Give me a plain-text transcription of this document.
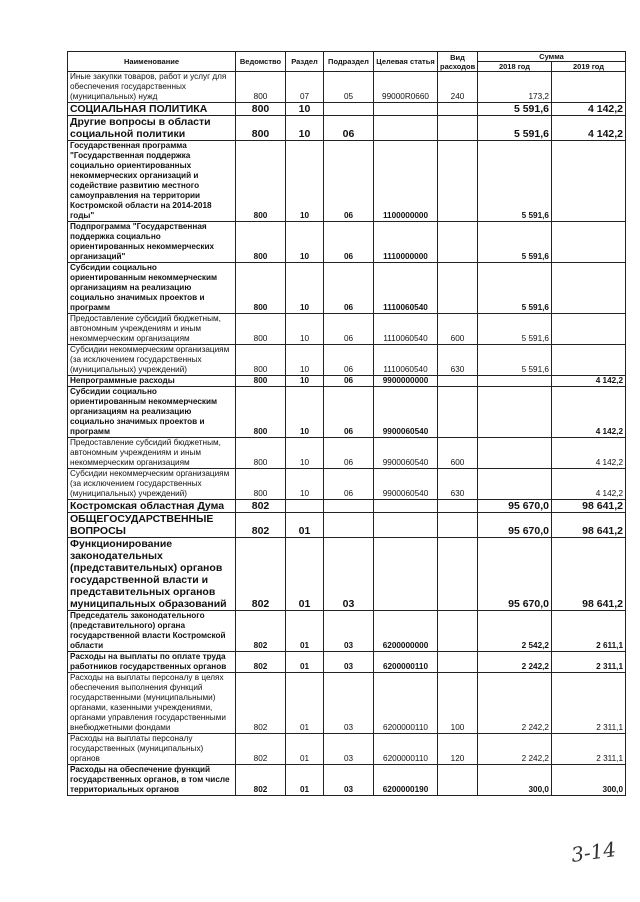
Наименование	Ведомство	Раздел	Подраздел	Целевая статья	Вид расходов	Сумма	
						2018 год	2019 год
Иные закупки товаров, работ и услуг для обеспечения государственных (муниципальных) нужд	800	07	05	99000R0660	240	173,2	
СОЦИАЛЬНАЯ ПОЛИТИКА	800	10				5 591,6	4 142,2
Другие вопросы в области социальной политики	800	10	06			5 591,6	4 142,2
Государственная программа "Государственная поддержка социально ориентированных некоммерческих организаций и содействие развитию местного самоуправления на территории Костромской области на 2014-2018 годы"	800	10	06	1100000000		5 591,6	
Подпрограмма "Государственная поддержка социально ориентированных некоммерческих организаций"	800	10	06	1110000000		5 591,6	
Субсидии социально ориентированным некоммерческим организациям на реализацию социально значимых проектов и программ	800	10	06	1110060540		5 591,6	
Предоставление субсидий бюджетным, автономным учреждениям и иным некоммерческим организациям	800	10	06	1110060540	600	5 591,6	
Субсидии некоммерческим организациям (за исключением государственных (муниципальных) учреждений)	800	10	06	1110060540	630	5 591,6	
Непрограммные расходы	800	10	06	9900000000			4 142,2
Субсидии социально ориентированным некоммерческим организациям на реализацию социально значимых проектов и программ	800	10	06	9900060540			4 142,2
Предоставление субсидий бюджетным, автономным учреждениям и иным некоммерческим организациям	800	10	06	9900060540	600		4 142,2
Субсидии некоммерческим организациям (за исключением государственных (муниципальных) учреждений)	800	10	06	9900060540	630		4 142,2
Костромская областная Дума	802					95 670,0	98 641,2
ОБЩЕГОСУДАРСТВЕННЫЕ ВОПРОСЫ	802	01				95 670,0	98 641,2
Функционирование законодательных (представительных) органов государственной власти и представительных органов муниципальных образований	802	01	03			95 670,0	98 641,2
Председатель законодательного (представительного) органа государственной власти Костромской области	802	01	03	6200000000		2 542,2	2 611,1
Расходы на выплаты по оплате труда работников государственных органов	802	01	03	6200000110		2 242,2	2 311,1
Расходы на выплаты персоналу в целях обеспечения выполнения функций государственными (муниципальными) органами, казенными учреждениями, органами управления государственными внебюджетными фондами	802	01	03	6200000110	100	2 242,2	2 311,1
Расходы на выплаты персоналу государственных (муниципальных) органов	802	01	03	6200000110	120	2 242,2	2 311,1
Расходы на обеспечение функций государственных органов, в том числе территориальных органов	802	01	03	6200000190		300,0	300,0
3-14
